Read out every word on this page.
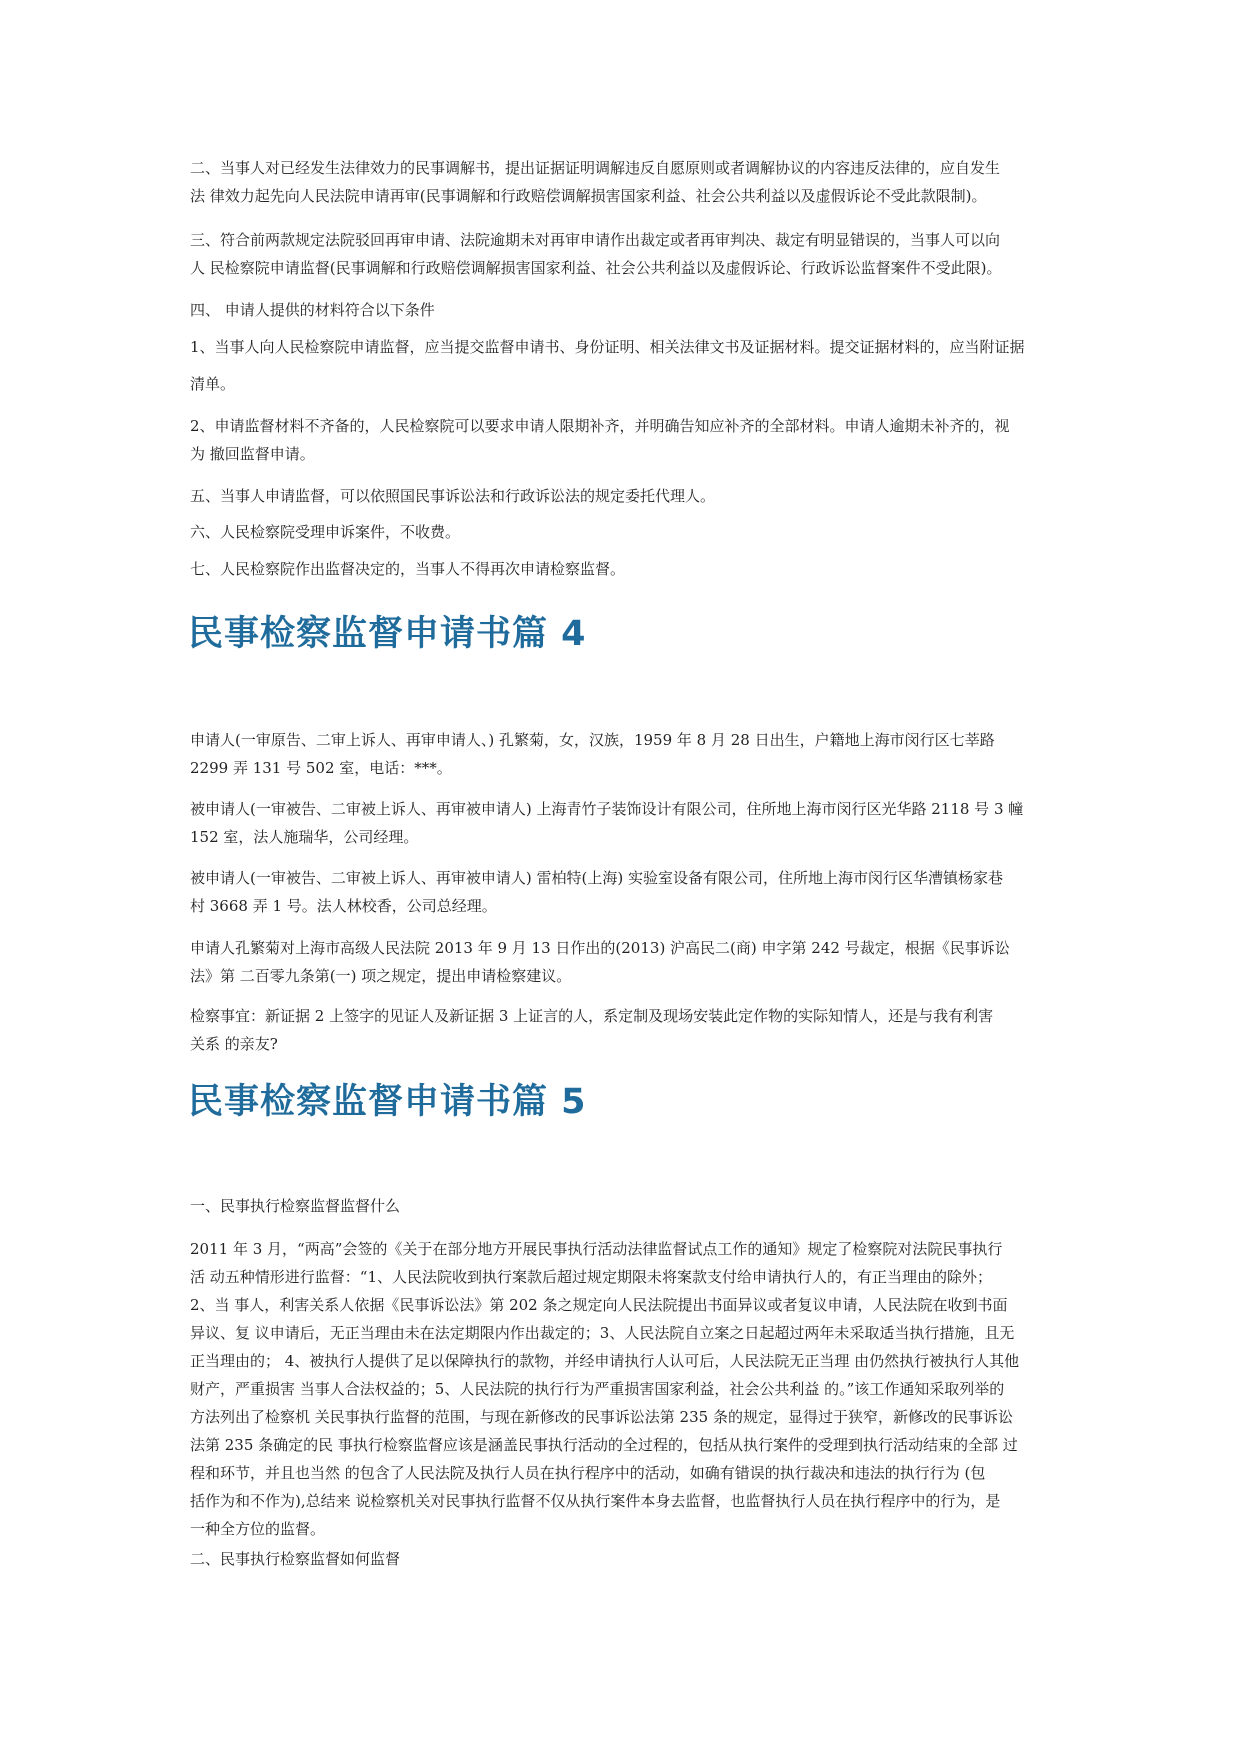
二、当事人对已经发生法律效力的民事调解书，提出证据证明调解违反自愿原则或者调解协议的内容违反法律的，应自发生
法 律效力起先向人民法院申请再审(民事调解和行政赔偿调解损害国家利益、社会公共利益以及虚假诉论不受此款限制)。
三、符合前两款规定法院驳回再审申请、法院逾期未对再审申请作出裁定或者再审判决、裁定有明显错误的，当事人可以向
人 民检察院申请监督(民事调解和行政赔偿调解损害国家利益、社会公共利益以及虚假诉论、行政诉讼监督案件不受此限)。
四、 申请人提供的材料符合以下条件
1、当事人向人民检察院申请监督，应当提交监督申请书、身份证明、相关法律文书及证据材料。提交证据材料的，应当附证据
清单。
2、申请监督材料不齐备的，人民检察院可以要求申请人限期补齐，并明确告知应补齐的全部材料。申请人逾期未补齐的，视
为 撤回监督申请。
五、当事人申请监督，可以依照国民事诉讼法和行政诉讼法的规定委托代理人。
六、人民检察院受理申诉案件，不收费。
七、人民检察院作出监督决定的，当事人不得再次申请检察监督。
民事检察监督申请书篇 4
申请人(一审原告、二审上诉人、再审申请人、) 孔繁菊，女，汉族，1959 年 8 月 28 日出生，户籍地上海市闵行区七莘路
2299 弄 131 号 502 室，电话：***。
被申请人(一审被告、二审被上诉人、再审被申请人) 上海青竹子装饰设计有限公司，住所地上海市闵行区光华路 2118 号 3 幢
152 室，法人施瑞华，公司经理。
被申请人(一审被告、二审被上诉人、再审被申请人) 雷柏特(上海) 实验室设备有限公司，住所地上海市闵行区华漕镇杨家巷
村 3668 弄 1 号。法人林校香，公司总经理。
申请人孔繁菊对上海市高级人民法院 2013 年 9 月 13 日作出的(2013) 沪高民二(商) 申字第 242 号裁定，根据《民事诉讼
法》第 二百零九条第(一) 项之规定，提出申请检察建议。
检察事宜：新证据 2 上签字的见证人及新证据 3 上证言的人，系定制及现场安装此定作物的实际知情人，还是与我有利害
关系 的亲友?
民事检察监督申请书篇 5
一、民事执行检察监督监督什么
2011 年 3 月，“两高”会签的《关于在部分地方开展民事执行活动法律监督试点工作的通知》规定了检察院对法院民事执行
活 动五种情形进行监督：“1、人民法院收到执行案款后超过规定期限未将案款支付给申请执行人的，有正当理由的除外；
2、当 事人，利害关系人依据《民事诉讼法》第 202 条之规定向人民法院提出书面异议或者复议申请，人民法院在收到书面
异议、复 议申请后，无正当理由未在法定期限内作出裁定的；3、人民法院自立案之日起超过两年未采取适当执行措施，且无
正当理由的； 4、被执行人提供了足以保障执行的款物，并经申请执行人认可后，人民法院无正当理 由仍然执行被执行人其他
财产，严重损害 当事人合法权益的；5、人民法院的执行行为严重损害国家利益，社会公共利益 的。”该工作通知采取列举的
方法列出了检察机 关民事执行监督的范围，与现在新修改的民事诉讼法第 235 条的规定，显得过于狭窄，新修改的民事诉讼
法第 235 条确定的民 事执行检察监督应该是涵盖民事执行活动的全过程的，包括从执行案件的受理到执行活动结束的全部 过
程和环节，并且也当然 的包含了人民法院及执行人员在执行程序中的活动，如确有错误的执行裁决和违法的执行行为 (包
括作为和不作为),总结来 说检察机关对民事执行监督不仅从执行案件本身去监督，也监督执行人员在执行程序中的行为，是
一种全方位的监督。
二、民事执行检察监督如何监督
